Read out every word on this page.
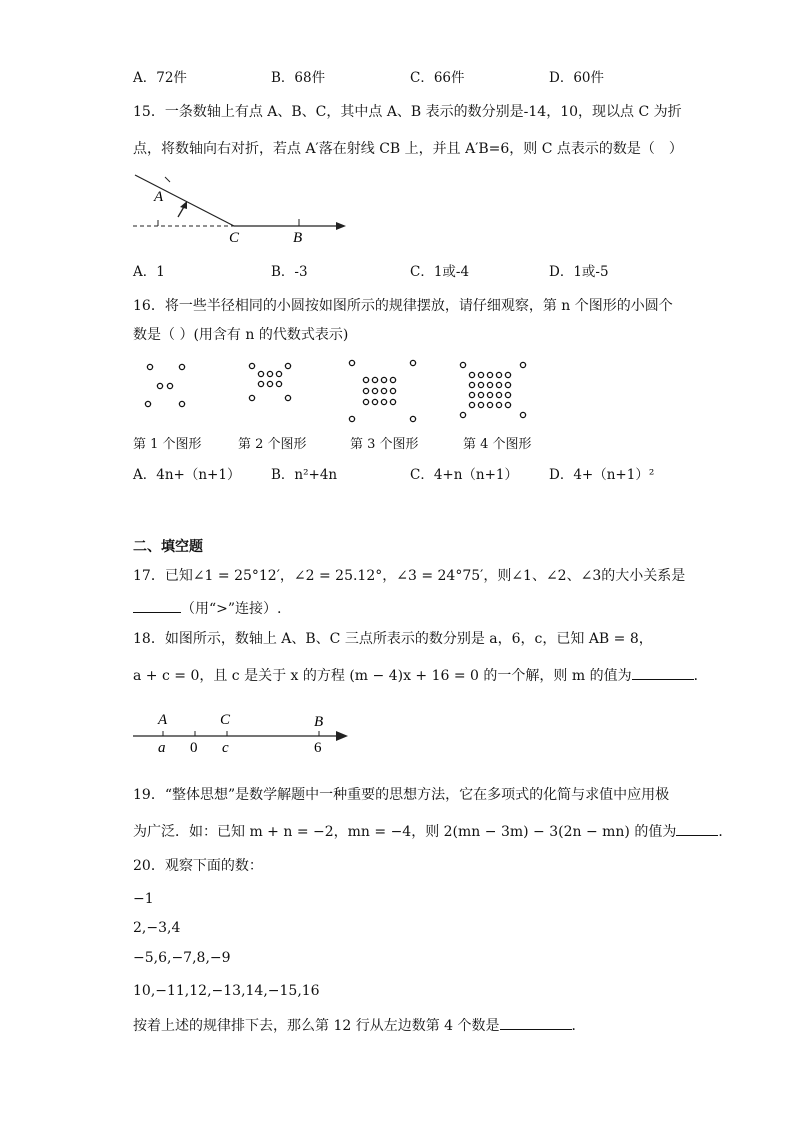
A．72件	B．68件	C．66件	D．60件
15．一条数轴上有点 A、B、C，其中点 A、B 表示的数分别是-14，10，现以点 C 为折
点，将数轴向右对折，若点 A′落在射线 CB 上，并且 A′B=6，则 C 点表示的数是（　）
A
C	B
A．1	B．-3	C．1或-4	D．1或-5
16．将一些半径相同的小圆按如图所示的规律摆放，请仔细观察，第 n 个图形的小圆个
数是（ ）(用含有 n 的代数式表示)
第 1 个图形	第 2 个图形	第 3 个图形	第 4 个图形
A．4n+（n+1） B．n²+4n	C．4+n（n+1） D．4+（n+1）²
二、填空题
17．已知∠1 = 25°12′，∠2 = 25.12°，∠3 = 24°75′，则∠1、∠2、∠3的大小关系是
（用“>”连接）.
18．如图所示，数轴上 A、B、C 三点所表示的数分别是 a，6，c，已知 AB = 8，
a + c = 0，且 c 是关于 x 的方程 (m − 4)x + 16 = 0 的一个解，则 m 的值为	．
A	C	B
a 0 c	6
19．“整体思想”是数学解题中一种重要的思想方法，它在多项式的化简与求值中应用极
为广泛．如：已知 m + n = −2，mn = −4，则 2(mn − 3m) − 3(2n − mn) 的值为	．
20．观察下面的数：
−1
2,−3,4
−5,6,−7,8,−9
10,−11,12,−13,14,−15,16
按着上述的规律排下去，那么第 12 行从左边数第 4 个数是	．
